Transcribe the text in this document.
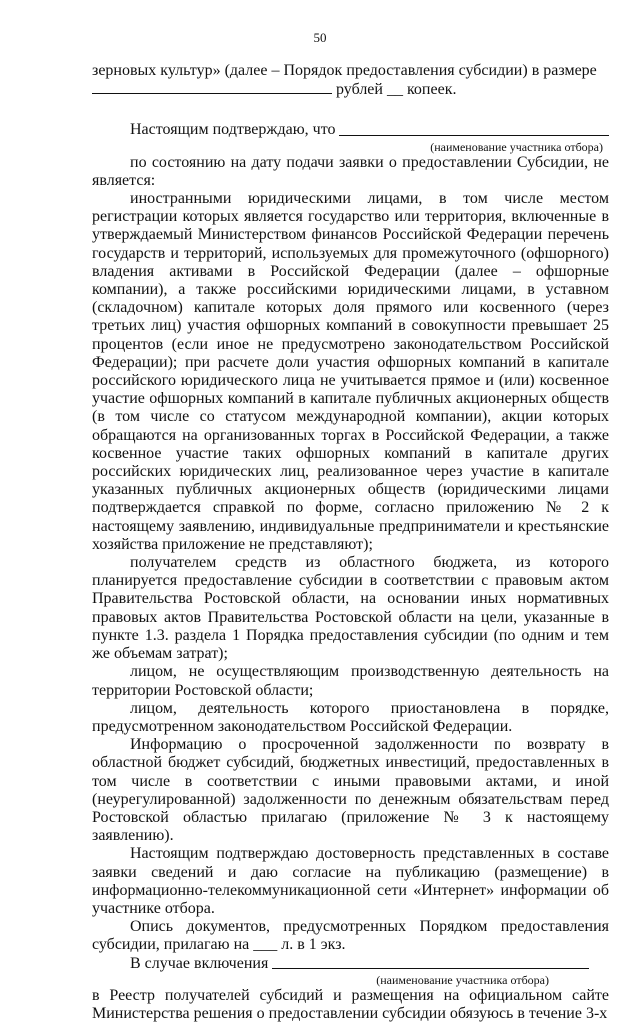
50

зерновых культур» (далее – Порядок предоставления субсидии) в размере

рублей __ копеек.

Настоящим подтверждаю, что
(наименование участника отбора)

по состоянию на дату подачи заявки о предоставлении Субсидии, не является:

иностранными юридическими лицами, в том числе местом регистрации которых является государство или территория, включенные в утверждаемый Министерством финансов Российской Федерации перечень государств и территорий, используемых для промежуточного (офшорного) владения активами в Российской Федерации (далее – офшорные компании), а также российскими юридическими лицами, в уставном (складочном) капитале которых доля прямого или косвенного (через третьих лиц) участия офшорных компаний в совокупности превышает 25 процентов (если иное не предусмотрено законодательством Российской Федерации); при расчете доли участия офшорных компаний в капитале российского юридического лица не учитывается прямое и (или) косвенное участие офшорных компаний в капитале публичных акционерных обществ (в том числе со статусом международной компании), акции которых обращаются на организованных торгах в Российской Федерации, а также косвенное участие таких офшорных компаний в капитале других российских юридических лиц, реализованное через участие в капитале указанных публичных акционерных обществ (юридическими лицами подтверждается справкой по форме, согласно приложению № 2 к настоящему заявлению, индивидуальные предприниматели и крестьянские хозяйства приложение не представляют);

получателем средств из областного бюджета, из которого планируется предоставление субсидии в соответствии с правовым актом Правительства Ростовской области, на основании иных нормативных правовых актов Правительства Ростовской области на цели, указанные в пункте 1.3. раздела 1 Порядка предоставления субсидии (по одним и тем же объемам затрат);

лицом, не осуществляющим производственную деятельность на территории Ростовской области;

лицом, деятельность которого приостановлена в порядке, предусмотренном законодательством Российской Федерации.

Информацию о просроченной задолженности по возврату в областной бюджет субсидий, бюджетных инвестиций, предоставленных в том числе в соответствии с иными правовыми актами, и иной (неурегулированной) задолженности по денежным обязательствам перед Ростовской областью прилагаю (приложение № 3 к настоящему заявлению).

Настоящим подтверждаю достоверность представленных в составе заявки сведений и даю согласие на публикацию (размещение) в информационно-телекоммуникационной сети «Интернет» информации об участнике отбора.

Опись документов, предусмотренных Порядком предоставления субсидии, прилагаю на ___ л. в 1 экз.

В случае включения
(наименование участника отбора)

в Реестр получателей субсидий и размещения на официальном сайте Министерства решения о предоставлении субсидии обязуюсь в течение 3-х
